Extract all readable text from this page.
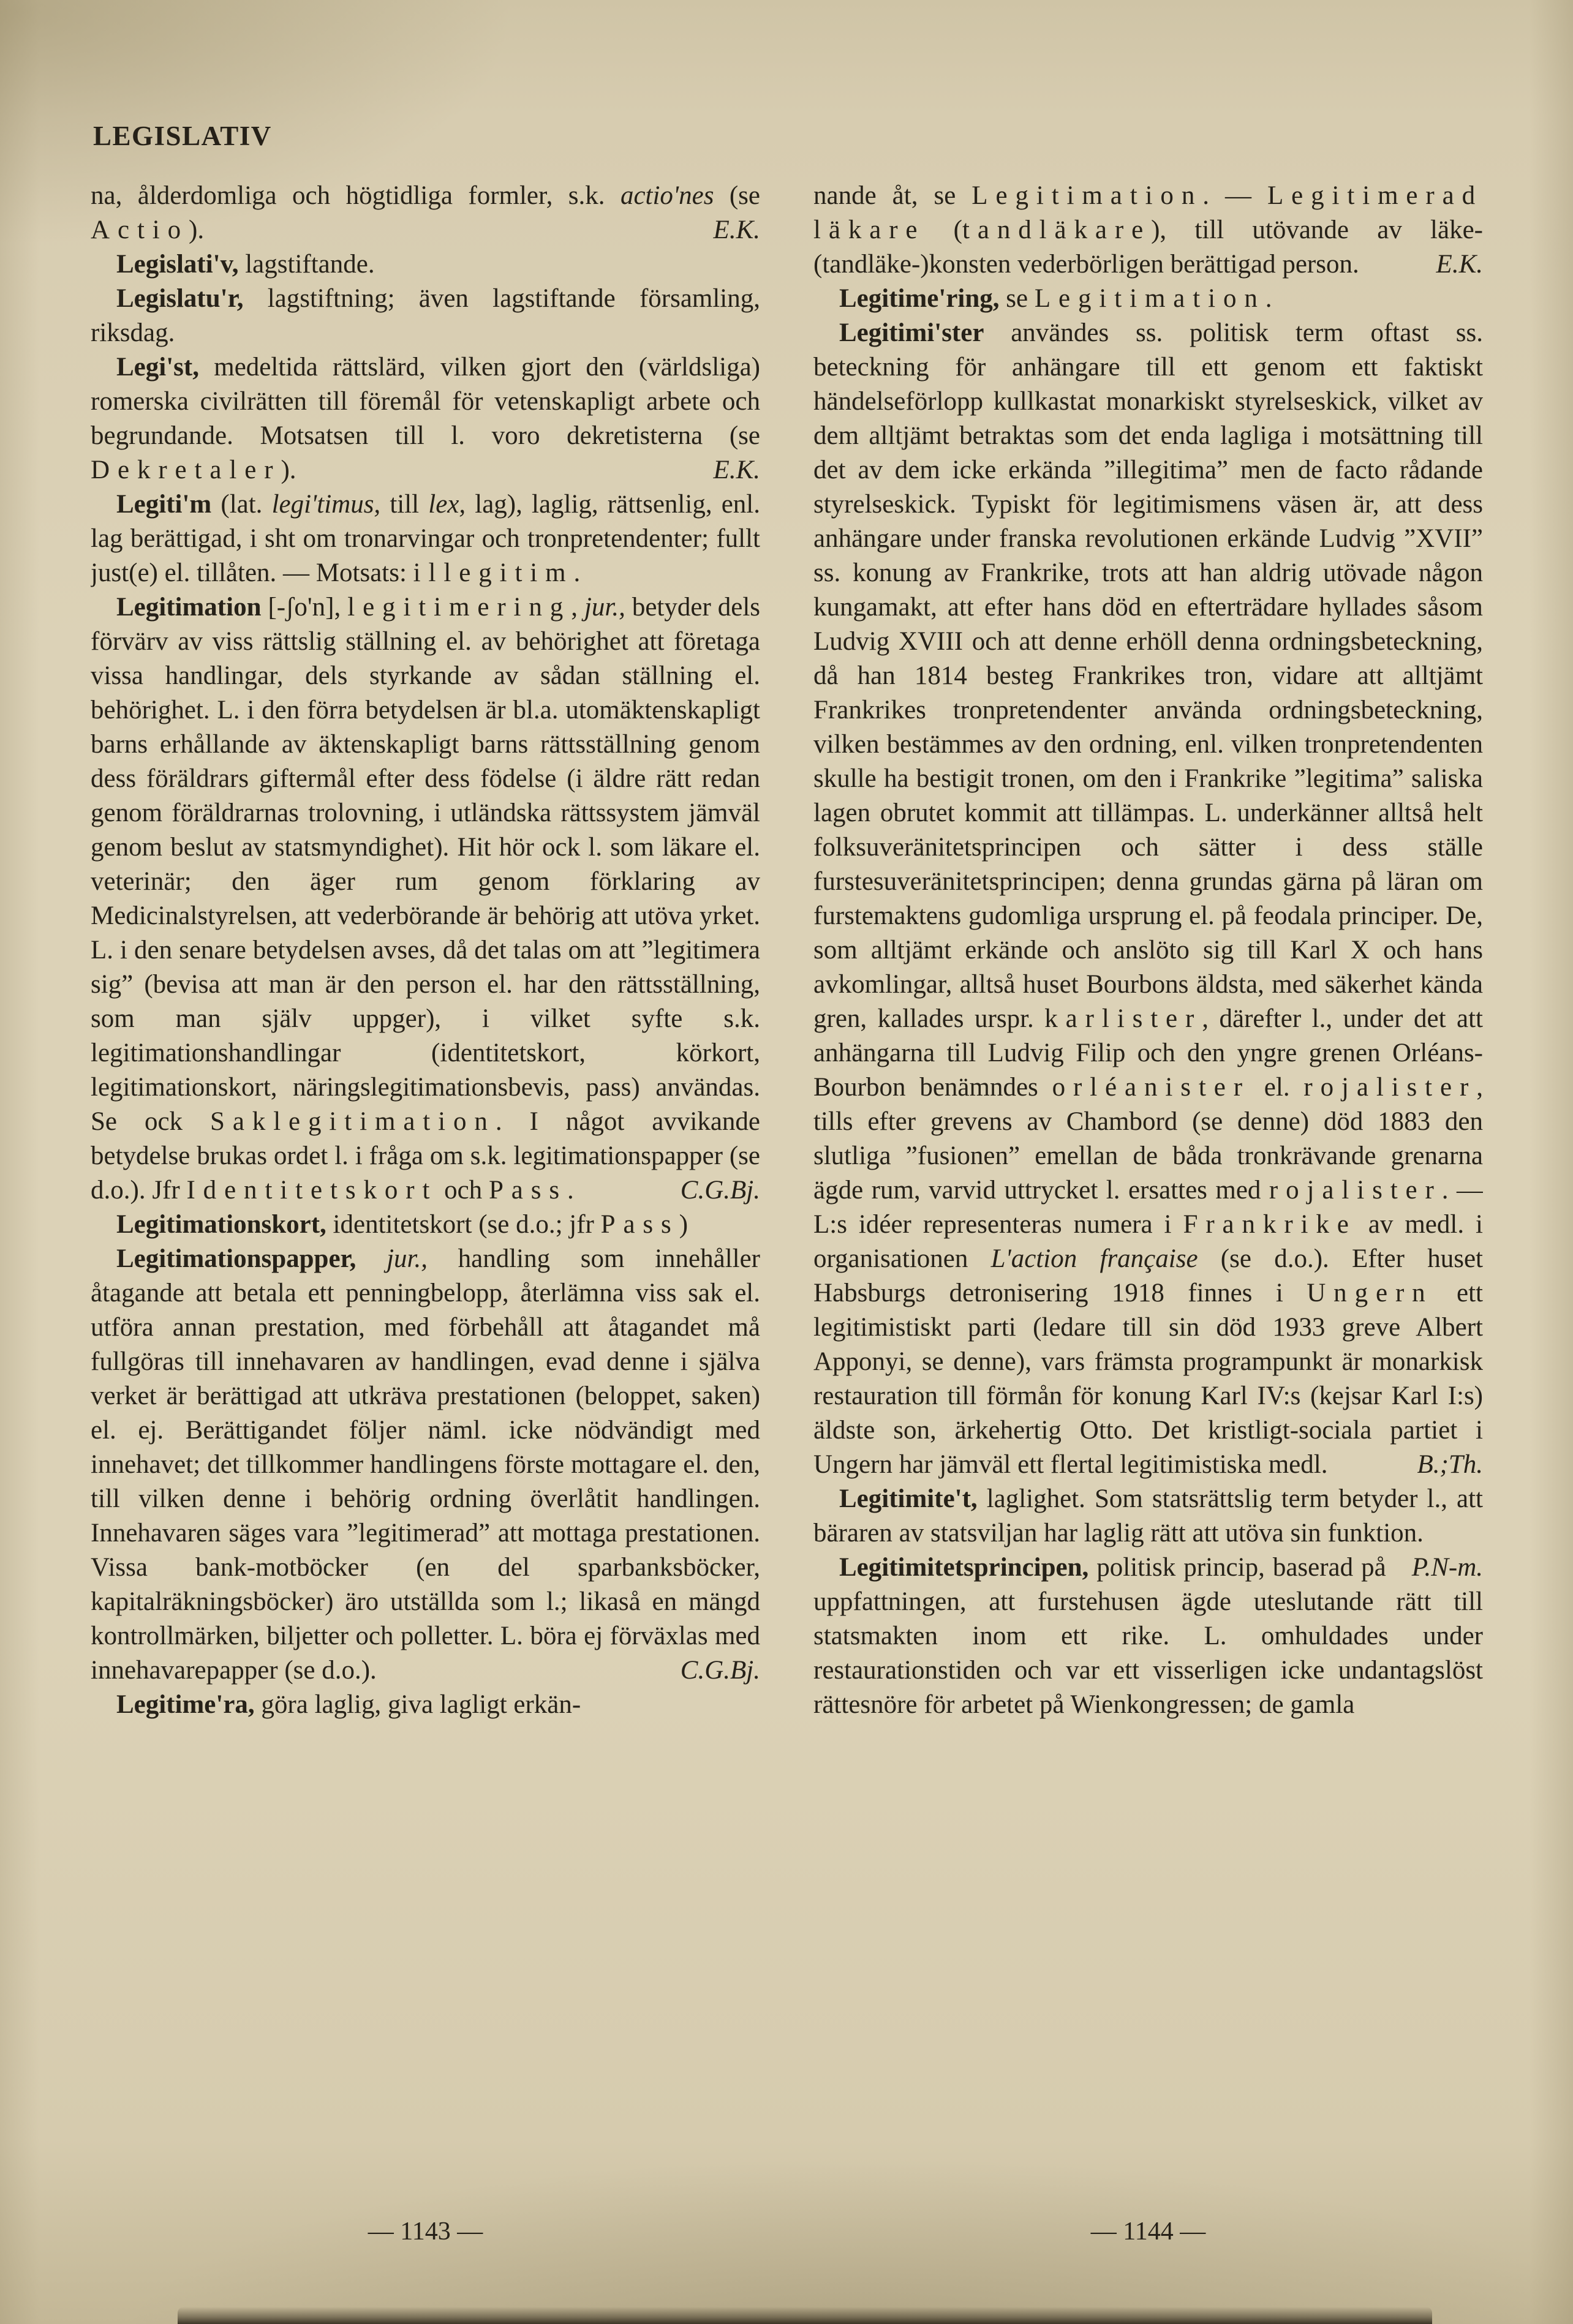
LEGISLATIV

na, ålderdomliga och högtidliga formler, s.k. actio'nes (se Actio).	E.K.

Legislati'v, lagstiftande.

Legislatu'r, lagstiftning; även lagstiftande församling, riksdag.

Legi'st, medeltida rättslärd, vilken gjort den (världsliga) romerska civilrätten till föremål för vetenskapligt arbete och begrundande. Motsatsen till l. voro dekretisterna (se Dekretaler).	E.K.

Legiti'm (lat. legi'timus, till lex, lag), laglig, rättsenlig, enl. lag berättigad, i sht om tronarvingar och tronpretendenter; fullt just(e) el. tillåten. — Motsats: illegitim.

Legitimation [-ʃo'n], legitimering, jur., betyder dels förvärv av viss rättslig ställning el. av behörighet att företaga vissa handlingar, dels styrkande av sådan ställning el. behörighet. L. i den förra betydelsen är bl.a. utomäktenskapligt barns erhållande av äktenskapligt barns rättsställning genom dess föräldrars giftermål efter dess födelse (i äldre rätt redan genom föräldrarnas trolovning, i utländska rättssystem jämväl genom beslut av statsmyndighet). Hit hör ock l. som läkare el. veterinär; den äger rum genom förklaring av Medicinalstyrelsen, att vederbörande är behörig att utöva yrket. L. i den senare betydelsen avses, då det talas om att ”legitimera sig” (bevisa att man är den person el. har den rättsställning, som man själv uppger), i vilket syfte s.k. legitimationshandlingar (identitetskort, körkort, legitimationskort, näringslegitimationsbevis, pass) användas. Se ock Saklegitimation. I något avvikande betydelse brukas ordet l. i fråga om s.k. legitimationspapper (se d.o.). Jfr Identitetskort och Pass.	C.G.Bj.

Legitimationskort, identitetskort (se d.o.; jfr Pass)

Legitimationspapper, jur., handling som innehåller åtagande att betala ett penningbelopp, återlämna viss sak el. utföra annan prestation, med förbehåll att åtagandet må fullgöras till innehavaren av handlingen, evad denne i själva verket är berättigad att utkräva prestationen (beloppet, saken) el. ej. Berättigandet följer näml. icke nödvändigt med innehavet; det tillkommer handlingens förste mottagare el. den, till vilken denne i behörig ordning överlåtit handlingen. Innehavaren säges vara ”legitimerad” att mottaga prestationen. Vissa bank-motböcker (en del sparbanksböcker, kapitalräkningsböcker) äro utställda som l.; likaså en mängd kontrollmärken, biljetter och polletter. L. böra ej förväxlas med innehavarepapper (se d.o.).	C.G.Bj.

Legitime'ra, göra laglig, giva lagligt erkän-

nande åt, se Legitimation. — Legitimerad läkare (tandläkare), till utövande av läke- (tandläke-)konsten vederbörligen berättigad person.	E.K.

Legitime'ring, se Legitimation.

Legitimi'ster användes ss. politisk term oftast ss. beteckning för anhängare till ett genom ett faktiskt händelseförlopp kullkastat monarkiskt styrelseskick, vilket av dem alltjämt betraktas som det enda lagliga i motsättning till det av dem icke erkända ”illegitima” men de facto rådande styrelseskick. Typiskt för legitimismens väsen är, att dess anhängare under franska revolutionen erkände Ludvig ”XVII” ss. konung av Frankrike, trots att han aldrig utövade någon kungamakt, att efter hans död en efterträdare hyllades såsom Ludvig XVIII och att denne erhöll denna ordningsbeteckning, då han 1814 besteg Frankrikes tron, vidare att alltjämt Frankrikes tronpretendenter använda ordningsbeteckning, vilken bestämmes av den ordning, enl. vilken tronpretendenten skulle ha bestigit tronen, om den i Frankrike ”legitima” saliska lagen obrutet kommit att tillämpas. L. underkänner alltså helt folksuveränitetsprincipen och sätter i dess ställe furstesuveränitetsprincipen; denna grundas gärna på läran om furstemaktens gudomliga ursprung el. på feodala principer. De, som alltjämt erkände och anslöto sig till Karl X och hans avkomlingar, alltså huset Bourbons äldsta, med säkerhet kända gren, kallades urspr. karlister, därefter l., under det att anhängarna till Ludvig Filip och den yngre grenen Orléans-Bourbon benämndes orléanister el. rojalister, tills efter grevens av Chambord (se denne) död 1883 den slutliga ”fusionen” emellan de båda tronkrävande grenarna ägde rum, varvid uttrycket l. ersattes med rojalister. — L:s idéer representeras numera i Frankrike av medl. i organisationen L'action française (se d.o.). Efter huset Habsburgs detronisering 1918 finnes i Ungern ett legitimistiskt parti (ledare till sin död 1933 greve Albert Apponyi, se denne), vars främsta programpunkt är monarkisk restauration till förmån för konung Karl IV:s (kejsar Karl I:s) äldste son, ärkehertig Otto. Det kristligt-sociala partiet i Ungern har jämväl ett flertal legitimistiska medl.	B.;Th.

Legitimite't, laglighet. Som statsrättslig term betyder l., att bäraren av statsviljan har laglig rätt att utöva sin funktion.
P.N-m.

Legitimitetsprincipen, politisk princip, baserad på uppfattningen, att furstehusen ägde uteslutande rätt till statsmakten inom ett rike. L. omhuldades under restaurationstiden och var ett visserligen icke undantagslöst rättesnöre för arbetet på Wienkongressen; de gamla

— 1143 —	— 1144 —
